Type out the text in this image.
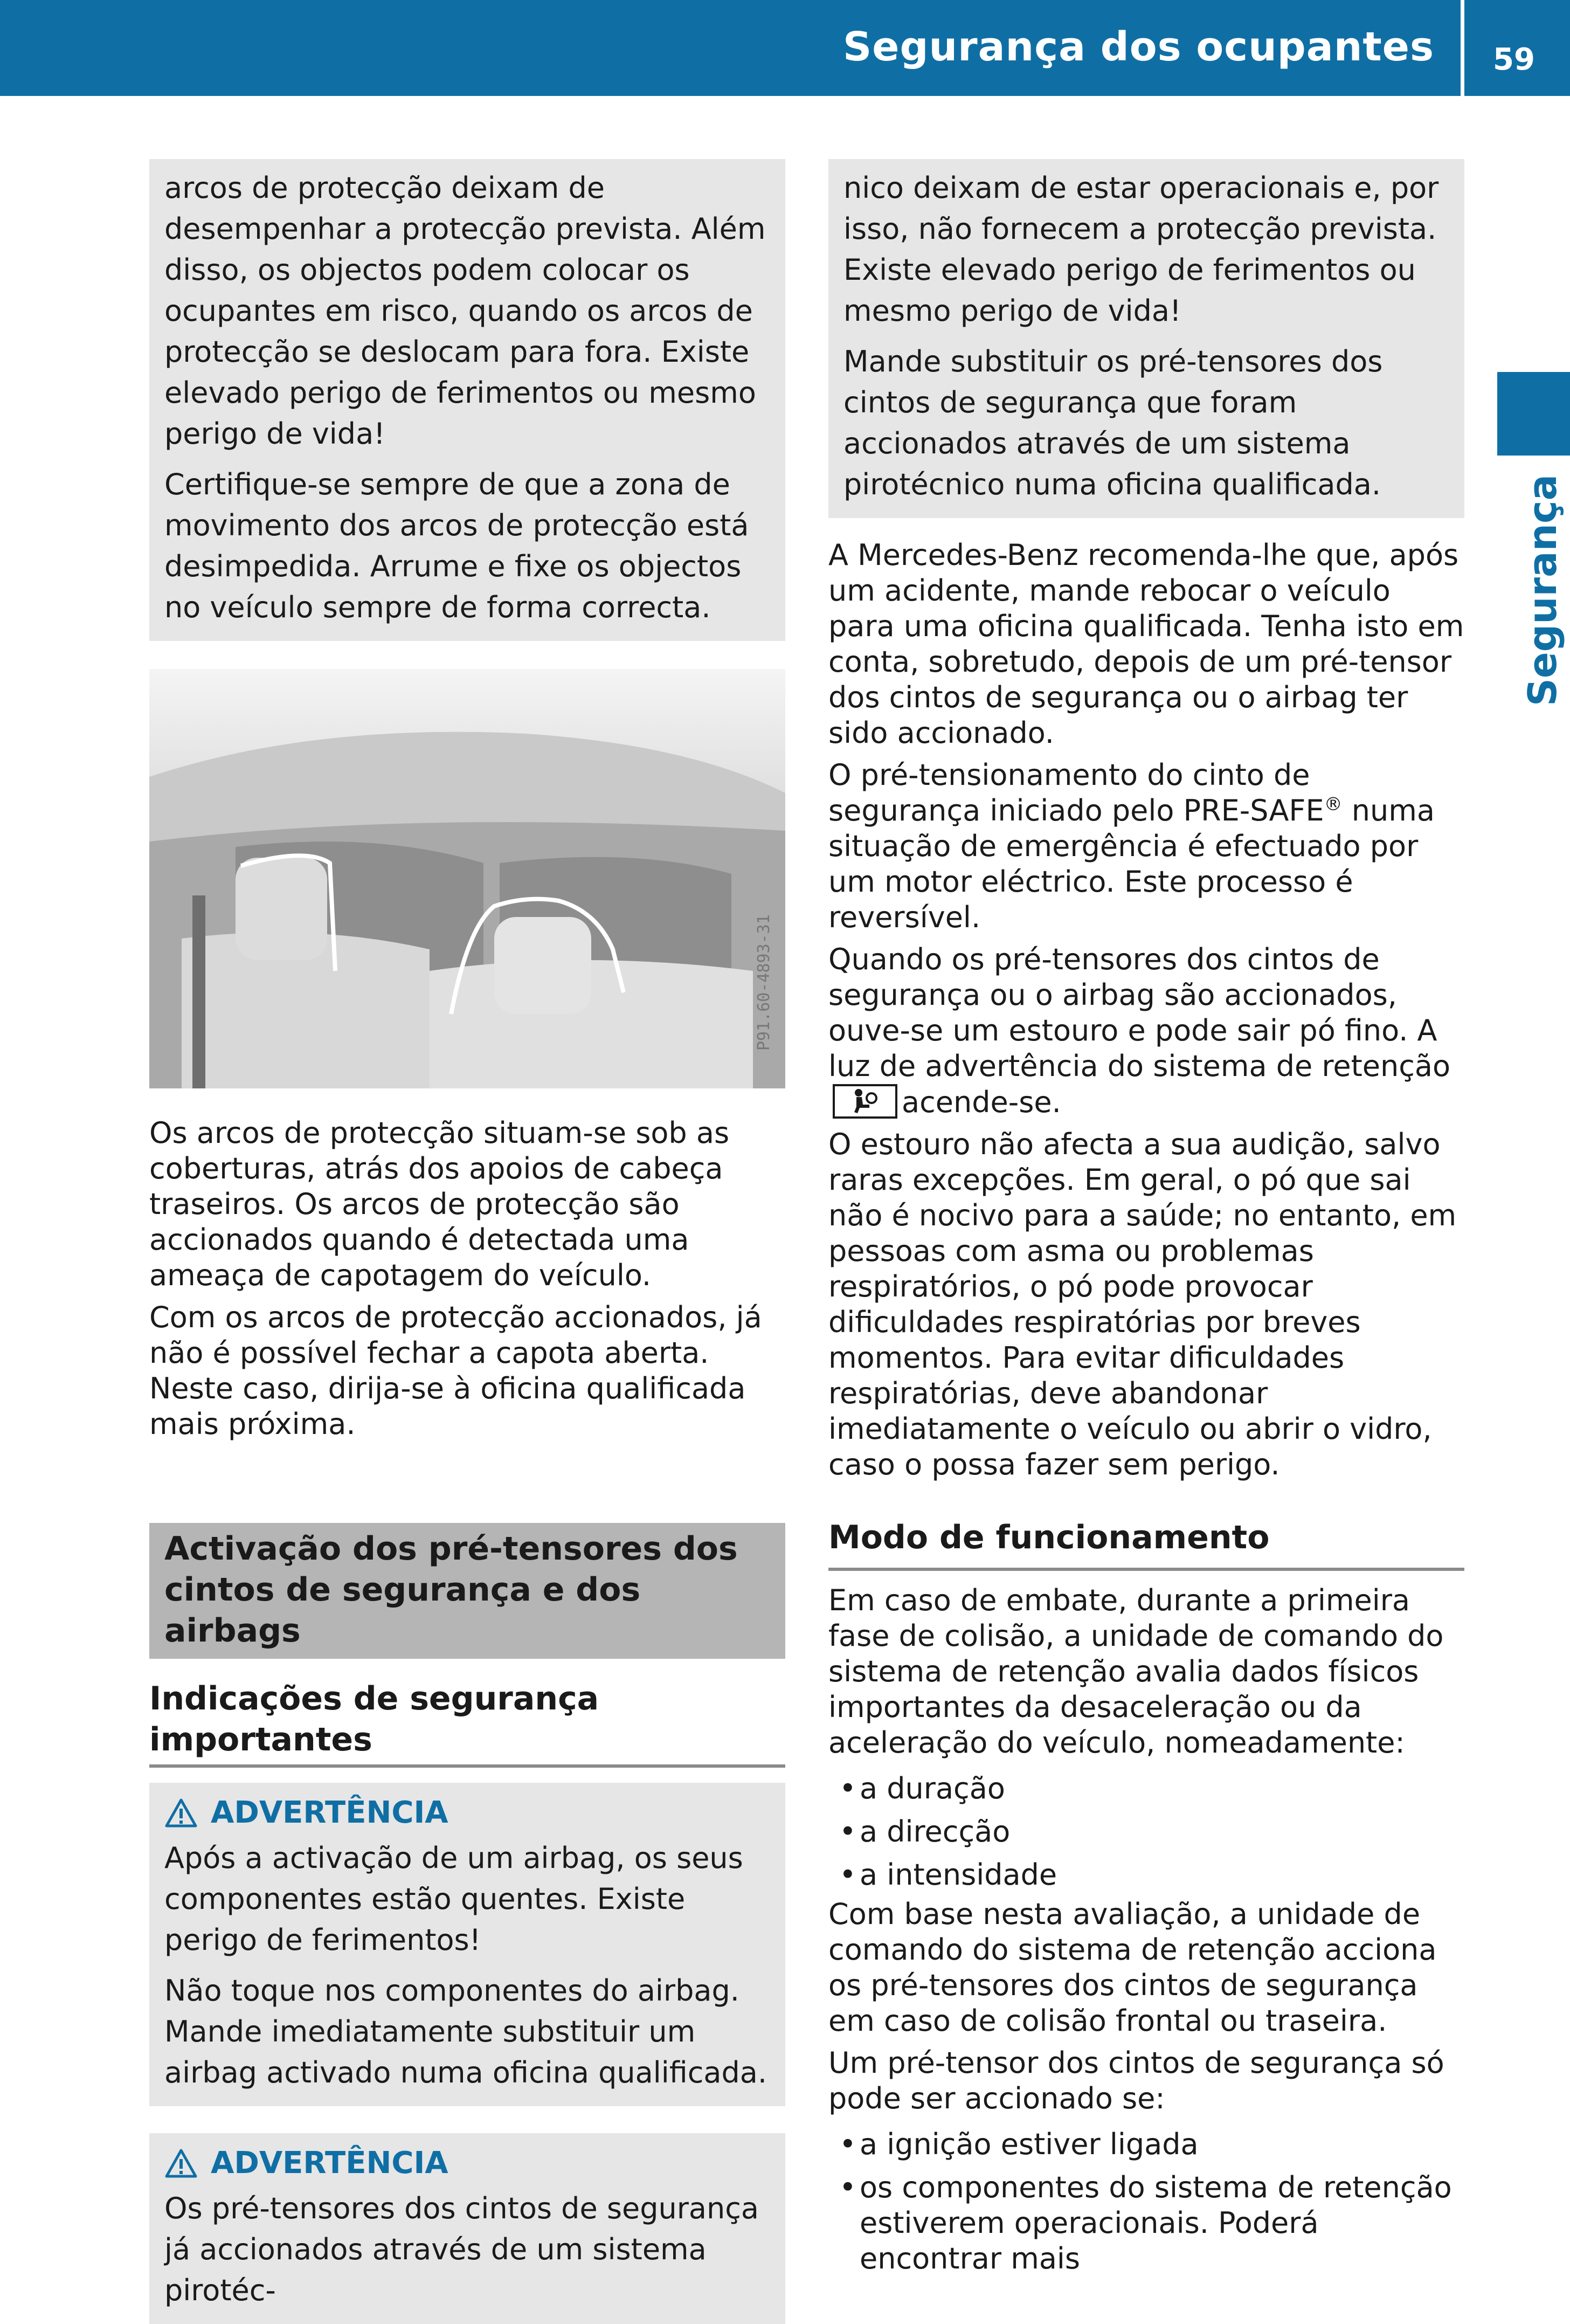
Segurança dos ocupantes 59
Segurança

arcos de protecção deixam de desempenhar a protecção prevista. Além disso, os objectos podem colocar os ocupantes em risco, quando os arcos de protecção se deslocam para fora. Existe elevado perigo de ferimentos ou mesmo perigo de vida!

Certifique-se sempre de que a zona de movimento dos arcos de protecção está desimpedida. Arrume e fixe os objectos no veículo sempre de forma correcta.

P91.60-4893-31

Os arcos de protecção situam-se sob as coberturas, atrás dos apoios de cabeça traseiros. Os arcos de protecção são accionados quando é detectada uma ameaça de capotagem do veículo.

Com os arcos de protecção accionados, já não é possível fechar a capota aberta. Neste caso, dirija-se à oficina qualificada mais próxima.

Activação dos pré-tensores dos cintos de segurança e dos airbags
Indicações de segurança importantes
ADVERTÊNCIA

Após a activação de um airbag, os seus componentes estão quentes. Existe perigo de ferimentos!

Não toque nos componentes do airbag. Mande imediatamente substituir um airbag activado numa oficina qualificada.

ADVERTÊNCIA

Os pré-tensores dos cintos de segurança já accionados através de um sistema pirotéc-

nico deixam de estar operacionais e, por isso, não fornecem a protecção prevista. Existe elevado perigo de ferimentos ou mesmo perigo de vida!

Mande substituir os pré-tensores dos cintos de segurança que foram accionados através de um sistema pirotécnico numa oficina qualificada.

A Mercedes-Benz recomenda-lhe que, após um acidente, mande rebocar o veículo para uma oficina qualificada. Tenha isto em conta, sobretudo, depois de um pré-tensor dos cintos de segurança ou o airbag ter sido accionado.

O pré-tensionamento do cinto de segurança iniciado pelo PRE-SAFE® numa situação de emergência é efectuado por um motor eléctrico. Este processo é reversível.

Quando os pré-tensores dos cintos de segurança ou o airbag são accionados, ouve-se um estouro e pode sair pó fino. A luz de advertência do sistema de retenção
acende-se.

O estouro não afecta a sua audição, salvo raras excepções. Em geral, o pó que sai não é nocivo para a saúde; no entanto, em pessoas com asma ou problemas respiratórios, o pó pode provocar dificuldades respiratórias por breves momentos. Para evitar dificuldades respiratórias, deve abandonar imediatamente o veículo ou abrir o vidro, caso o possa fazer sem perigo.

Modo de funcionamento

Em caso de embate, durante a primeira fase de colisão, a unidade de comando do sistema de retenção avalia dados físicos importantes da desaceleração ou da aceleração do veículo, nomeadamente:

• a duração
• a direcção
• a intensidade

Com base nesta avaliação, a unidade de comando do sistema de retenção acciona os pré-tensores dos cintos de segurança em caso de colisão frontal ou traseira.

Um pré-tensor dos cintos de segurança só pode ser accionado se:

• a ignição estiver ligada
• os componentes do sistema de retenção estiverem operacionais. Poderá encontrar mais
